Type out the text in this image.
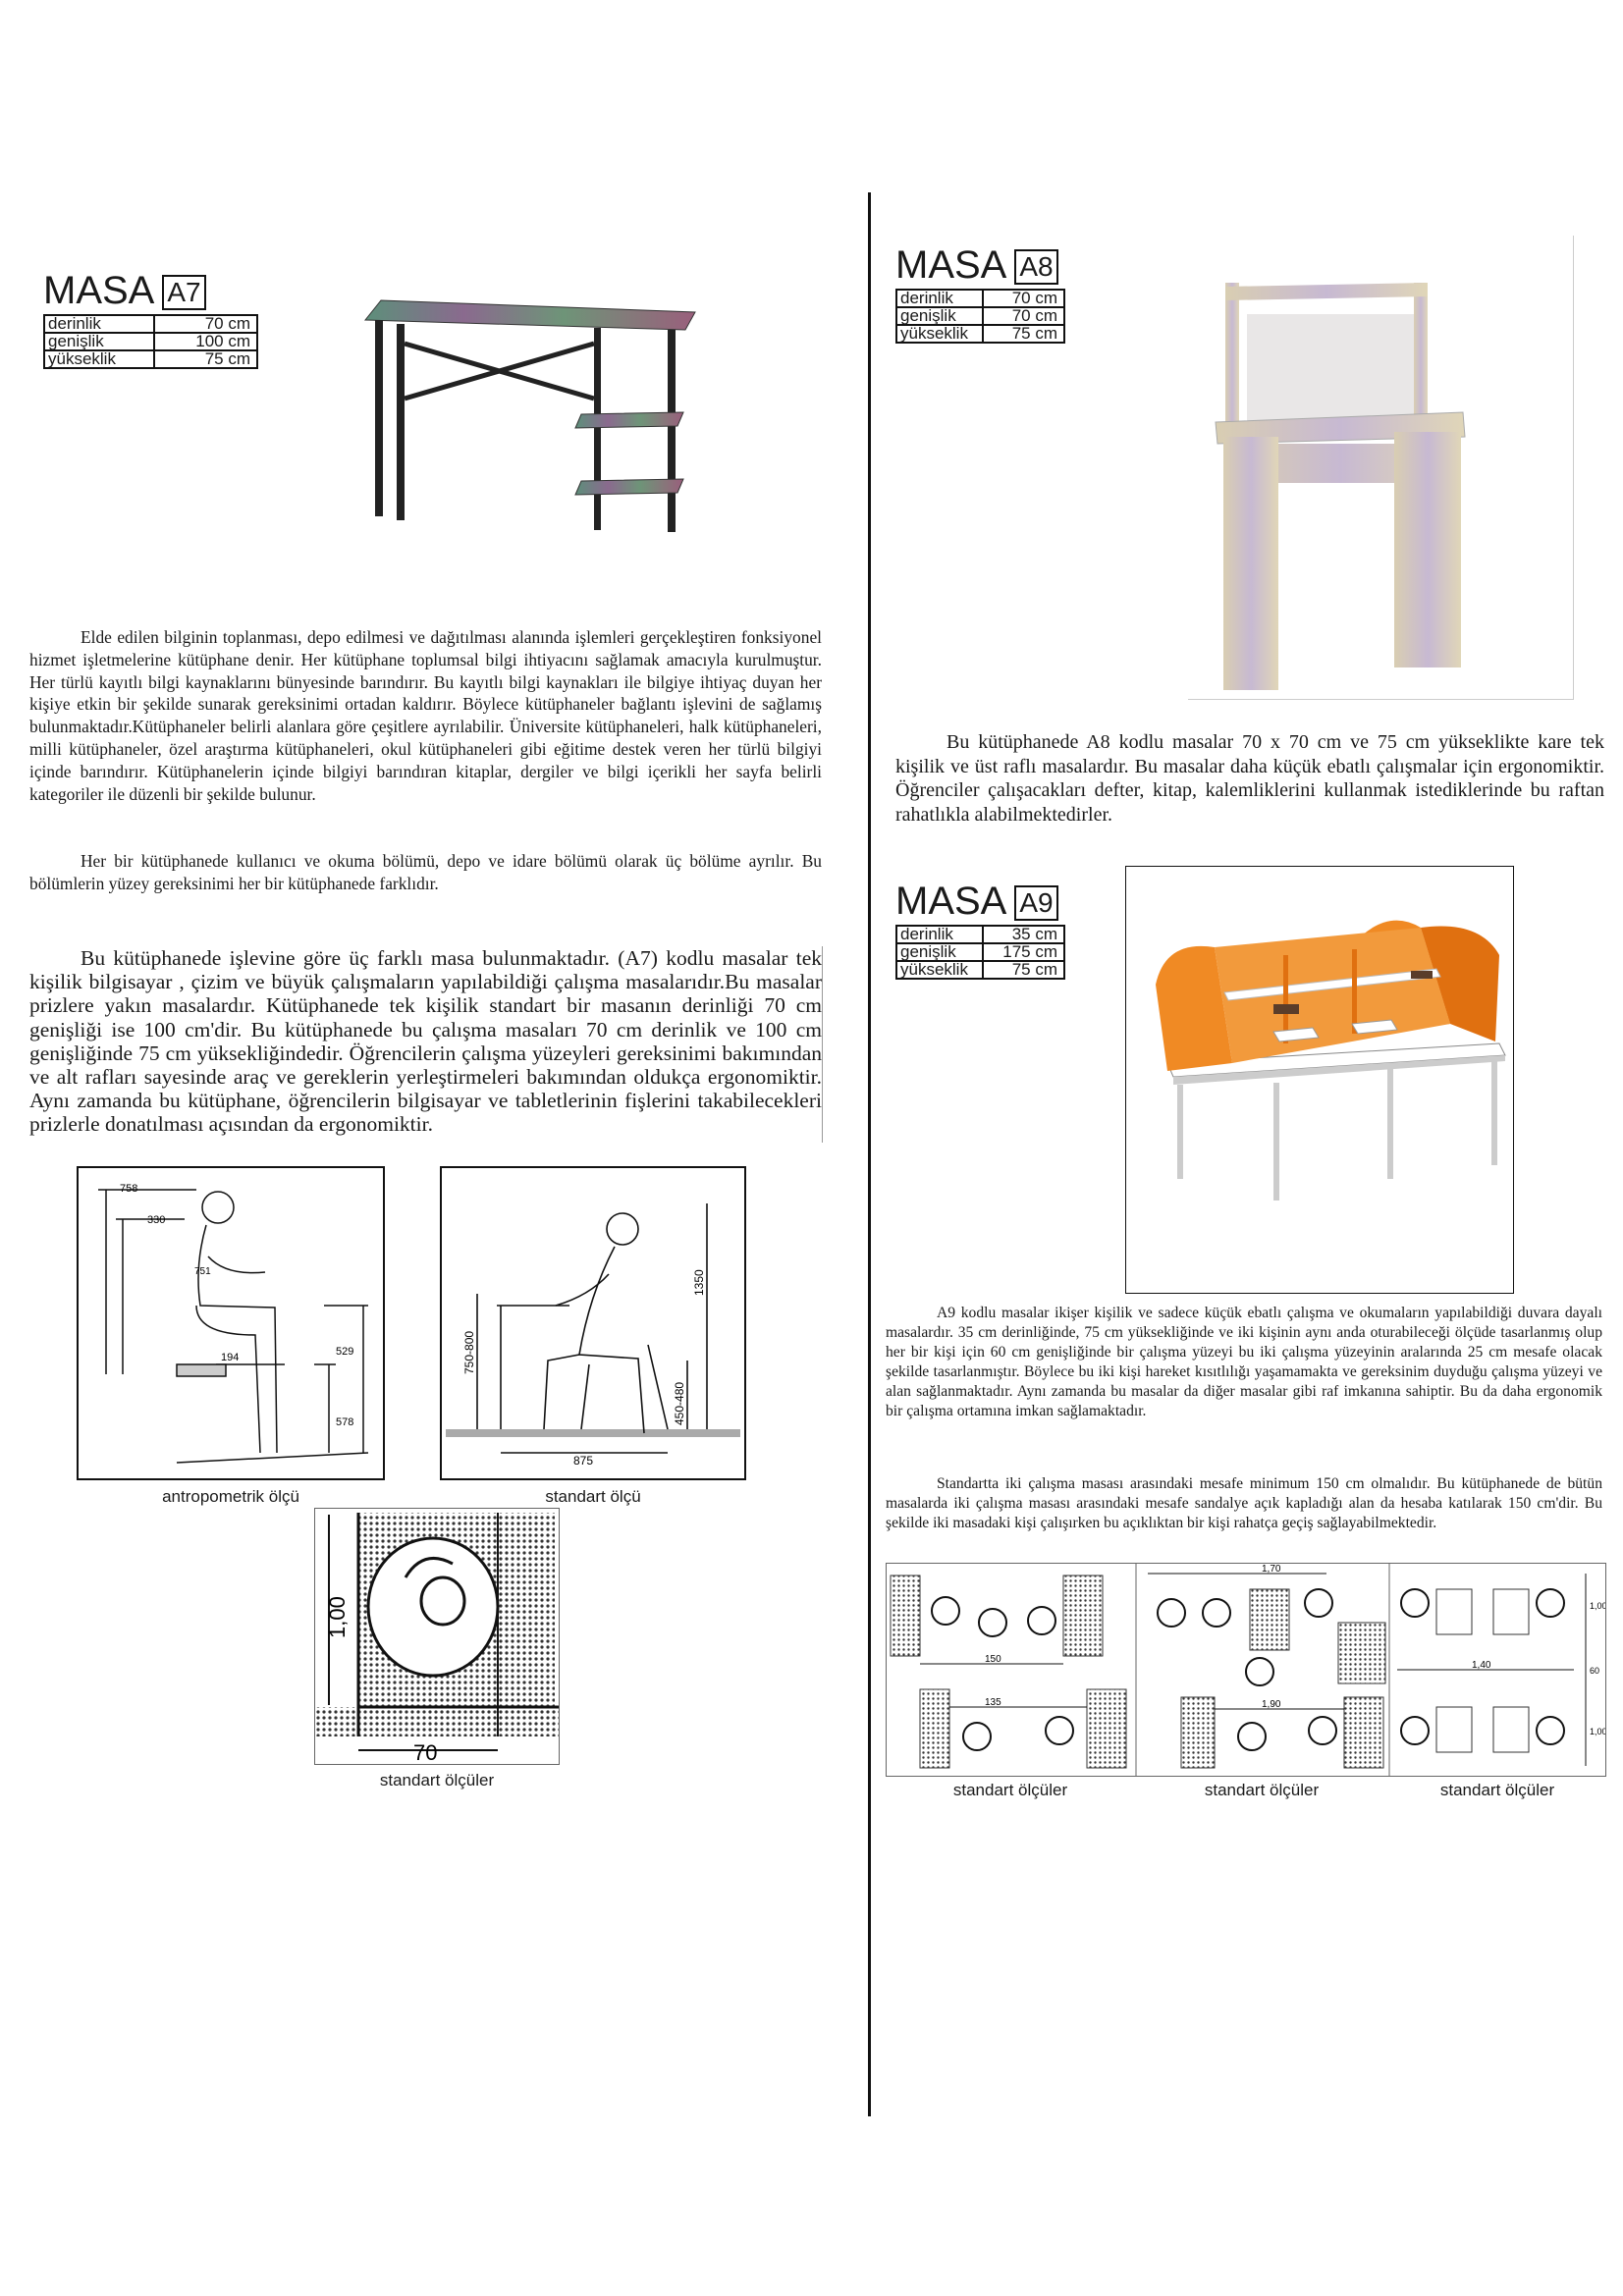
MASA A7
derinlik	70 cm
genişlik	100 cm
yükseklik	75 cm

Elde edilen bilginin toplanması, depo edilmesi ve dağıtılması alanında işlemleri gerçekleştiren fonksiyonel hizmet işletmelerine kütüphane denir. Her kütüphane toplumsal bilgi ihtiyacını sağlamak amacıyla kurulmuştur. Her türlü kayıtlı bilgi kaynaklarını bünyesinde barındırır. Bu kayıtlı bilgi kaynakları ile bilgiye ihtiyaç duyan her kişiye etkin bir şekilde sunarak gereksinimi ortadan kaldırır. Böylece kütüphaneler bağlantı işlevini de sağlamış bulunmaktadır.Kütüphaneler belirli alanlara göre çeşitlere ayrılabilir. Üniversite kütüphaneleri, halk kütüphaneleri, milli kütüphaneler, özel araştırma kütüphaneleri, okul kütüphaneleri gibi eğitime destek veren her türlü bilgiyi içinde barındırır. Kütüphanelerin içinde bilgiyi barındıran kitaplar, dergiler ve bilgi içerikli her sayfa belirli kategoriler ile düzenli bir şekilde bulunur.

Her bir kütüphanede kullanıcı ve okuma bölümü, depo ve idare bölümü olarak üç bölüme ayrılır. Bu bölümlerin yüzey gereksinimi her bir kütüphanede farklıdır.

Bu kütüphanede işlevine göre üç farklı masa bulunmaktadır. (A7) kodlu masalar tek kişilik bilgisayar , çizim ve büyük çalışmaların yapılabildiği çalışma masalarıdır.Bu masalar prizlere yakın masalardır. Kütüphanede tek kişilik standart bir masanın derinliği 70 cm genişliği ise 100 cm'dir. Bu kütüphanede bu çalışma masaları 70 cm derinlik ve 100 cm genişliğinde 75 cm yüksekliğindedir. Öğrencilerin çalışma yüzeyleri gereksinimi bakımından ve alt rafları sayesinde araç ve gereklerin yerleştirmeleri bakımından oldukça ergonomiktir. Aynı zamanda bu kütüphane, öğrencilerin bilgisayar ve tabletlerinin fişlerini takabilecekleri prizlerle donatılması açısından da ergonomiktir.

758
330
751
194	529
578
antropometrik ölçü
750-800
450-480
1350
875
standart ölçü
1,00
70
standart ölçüler
MASA A8
derinlik	70 cm
genişlik	70 cm
yükseklik	75 cm

Bu kütüphanede A8 kodlu masalar 70 x 70 cm ve 75 cm yükseklikte kare tek kişilik ve üst raflı masalardır. Bu masalar daha küçük ebatlı çalışmalar için ergonomiktir. Öğrenciler çalışacakları defter, kitap, kalemliklerini kullanmak istediklerinde bu raftan rahatlıkla alabilmektedirler.

MASA A9
derinlik	35 cm
genişlik	175 cm
yükseklik	75 cm

A9 kodlu masalar ikişer kişilik ve sadece küçük ebatlı çalışma ve okumaların yapılabildiği duvara dayalı masalardır. 35 cm derinliğinde, 75 cm yüksekliğinde ve iki kişinin aynı anda oturabileceği ölçüde tasarlanmış olup her bir kişi için 60 cm genişliğinde bir çalışma yüzeyi bu iki çalışma yüzeyinin aralarında 25 cm mesafe olacak şekilde tasarlanmıştır. Böylece bu iki kişi hareket kısıtlılığı yaşamamakta ve gereksinim duyduğu çalışma yüzeyi ve alan sağlanmaktadır. Aynı zamanda bu masalar da diğer masalar gibi raf imkanına sahiptir. Bu da daha ergonomik bir çalışma ortamına imkan sağlamaktadır.

Standartta iki çalışma masası arasındaki mesafe minimum 150 cm olmalıdır. Bu kütüphanede de bütün masalarda iki çalışma masası arasındaki mesafe sandalye açık kapladığı alan da hesaba katılarak 150 cm'dir. Bu şekilde iki masadaki kişi çalışırken bu açıklıktan bir kişi rahatça geçiş sağlayabilmektedir.

150
135
1,70
1,90
1,00
1,40	60
1,00
standart ölçüler	standart ölçüler	standart ölçüler
